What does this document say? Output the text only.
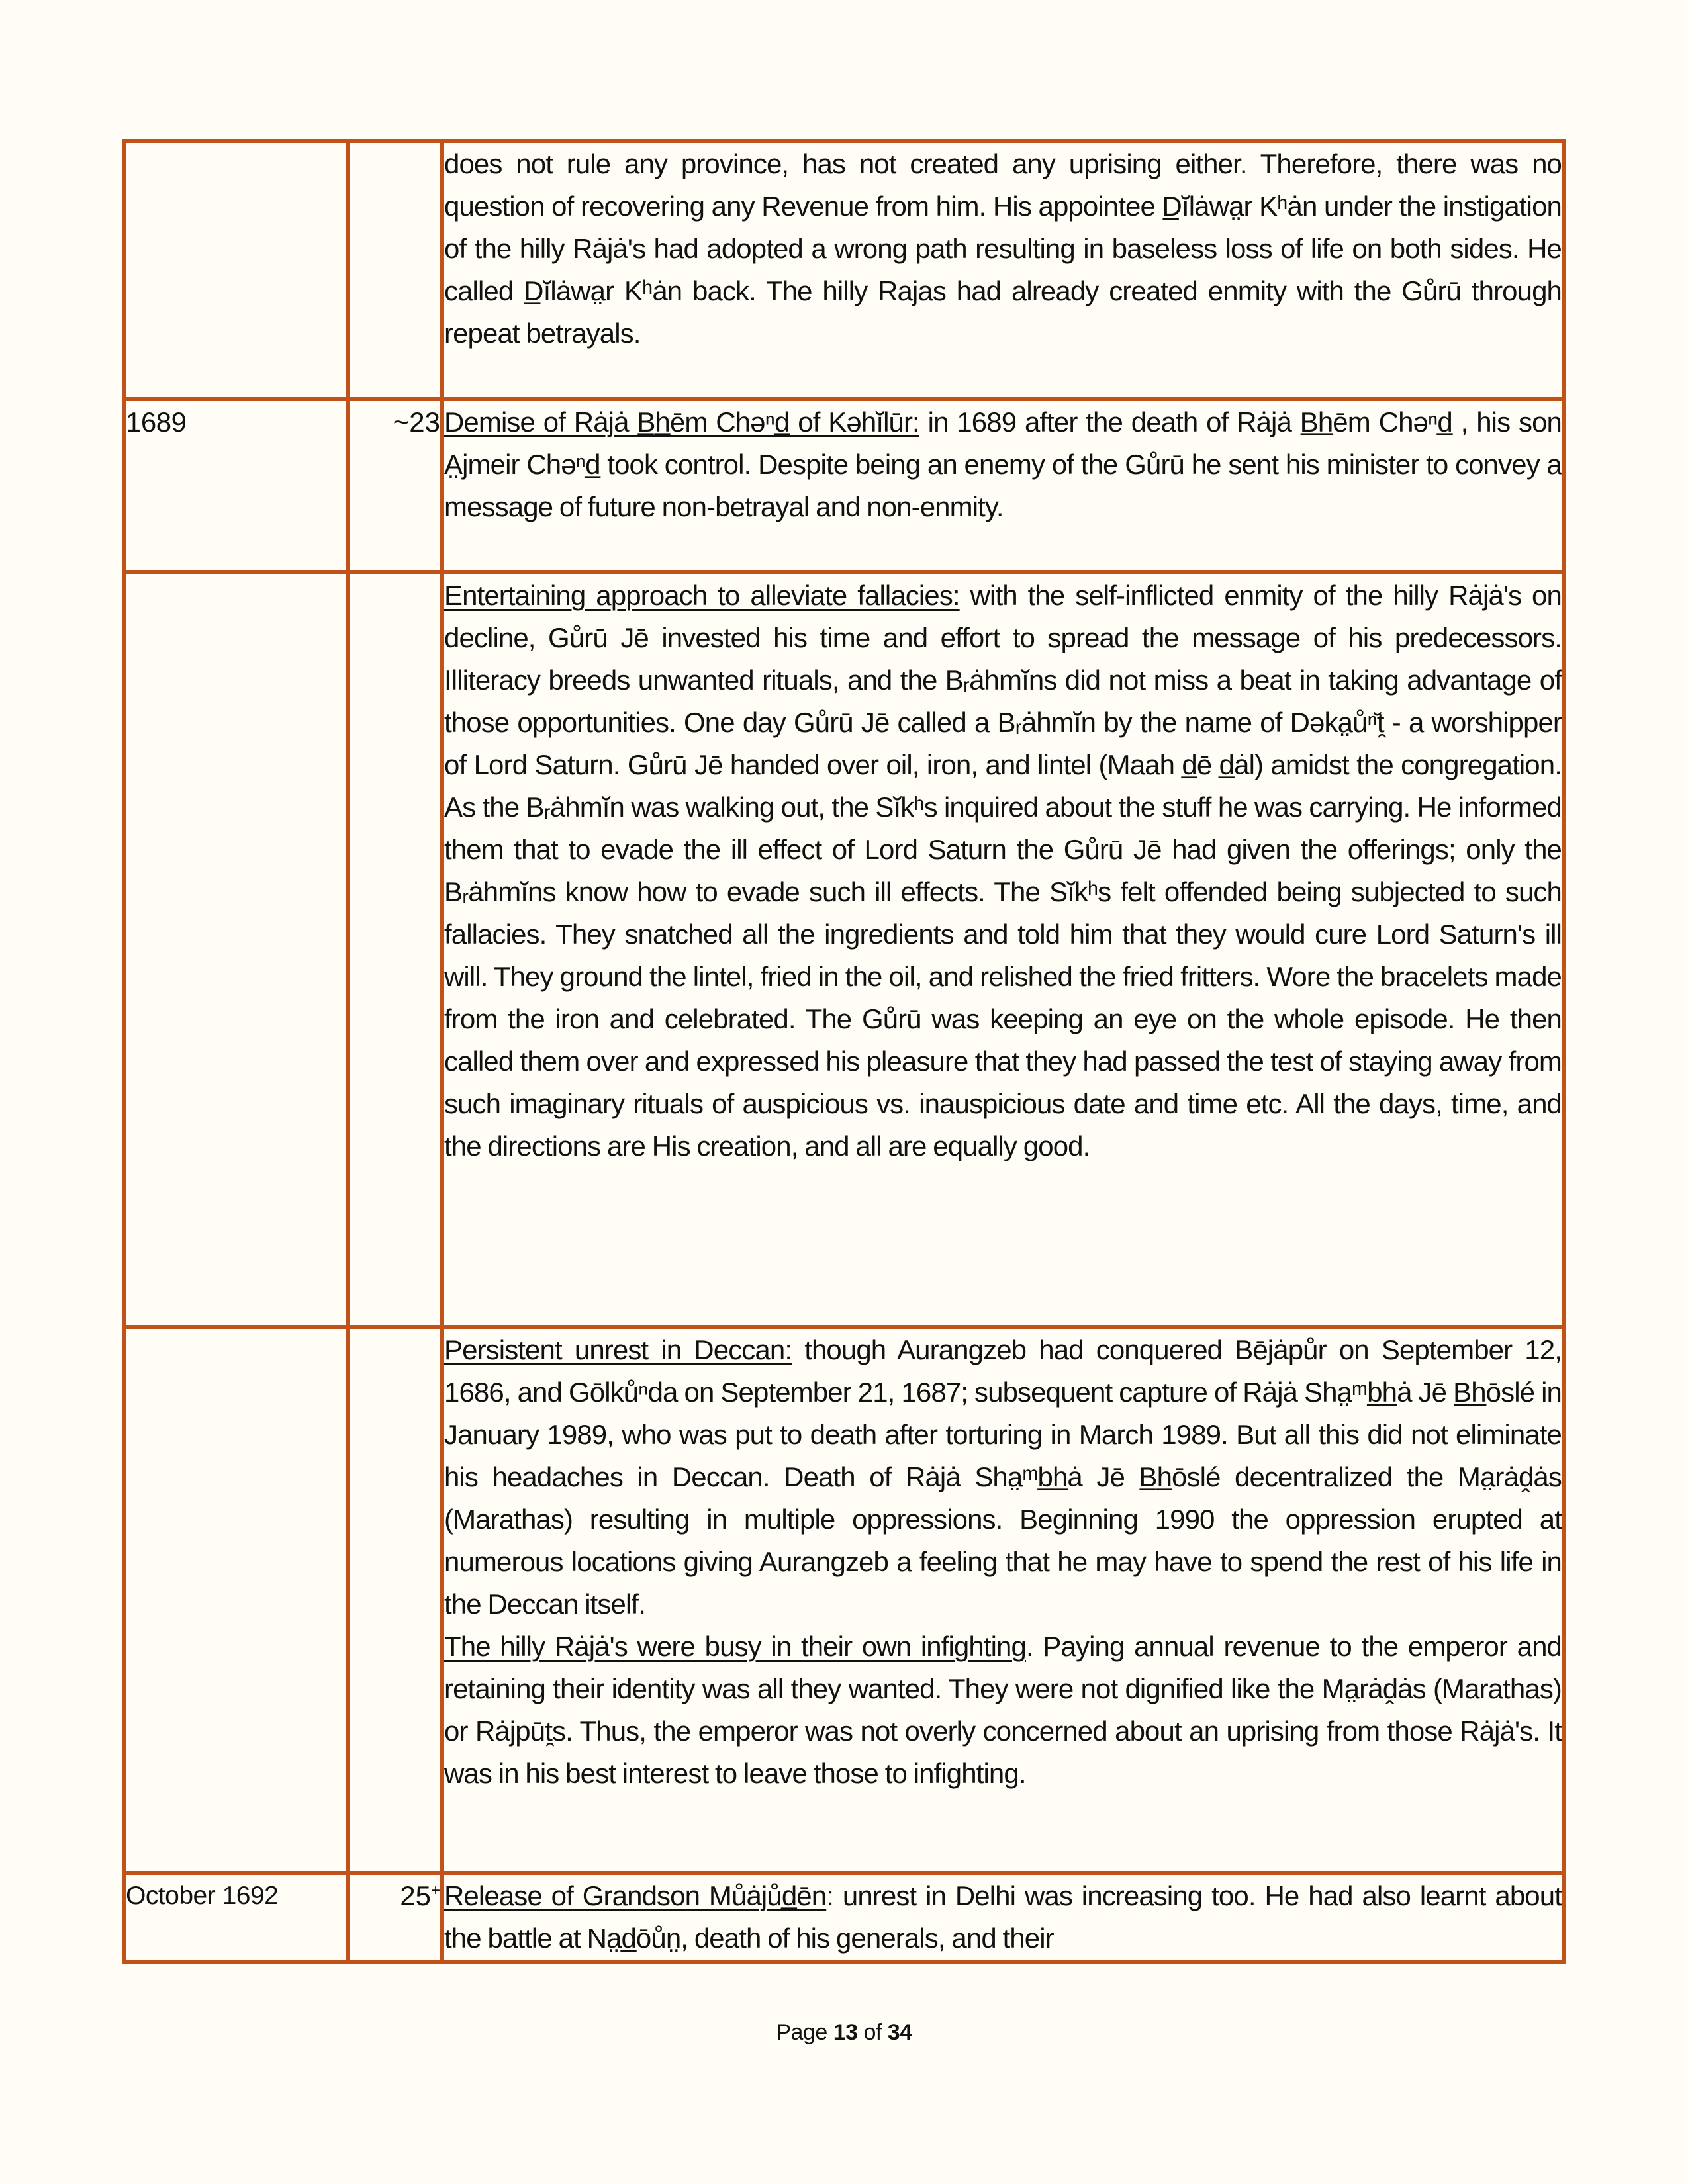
		does not rule any province, has not created any uprising either. Therefore, there was no question of recovering any Revenue from him. His appointee D̲ĭlȧwa̤r Kʰȧn under the instigation of the hilly Rȧjȧ's had adopted a wrong path resulting in baseless loss of life on both sides. He called D̲ĭlȧwa̤r Kʰȧn back. The hilly Rajas had already created enmity with the Gůrū through repeat betrayals.

1689	~23	Demise of Rȧjȧ B̲h̲ēm Chəⁿd̲ of Kəhĭlūr: in 1689 after the death of Rȧjȧ B̲h̲ēm Chəⁿd̲ , his son A̤jmeir Chəⁿd̲ took control. Despite being an enemy of the Gůrū he sent his minister to convey a message of future non-betrayal and non-enmity.

		Entertaining approach to alleviate fallacies: with the self-inflicted enmity of the hilly Rȧjȧ's on decline, Gůrū Jē invested his time and effort to spread the message of his predecessors. Illiteracy breeds unwanted rituals, and the Bᵣȧhmĭns did not miss a beat in taking advantage of those opportunities. One day Gůrū Jē called a Bᵣȧhmĭn by the name of Dəka̤ůⁿ̆t̯ - a worshipper of Lord Saturn. Gůrū Jē handed over oil, iron, and lintel (Maah d̲ē d̲ȧl) amidst the congregation. As the Bᵣȧhmĭn was walking out, the Sĭkʰs inquired about the stuff he was carrying. He informed them that to evade the ill effect of Lord Saturn the Gůrū Jē had given the offerings; only the Bᵣȧhmĭns know how to evade such ill effects. The Sĭkʰs felt offended being subjected to such fallacies. They snatched all the ingredients and told him that they would cure Lord Saturn's ill will. They ground the lintel, fried in the oil, and relished the fried fritters. Wore the bracelets made from the iron and celebrated. The Gůrū was keeping an eye on the whole episode. He then called them over and expressed his pleasure that they had passed the test of staying away from such imaginary rituals of auspicious vs. inauspicious date and time etc. All the days, time, and the directions are His creation, and all are equally good.

		Persistent unrest in Deccan: though Aurangzeb had conquered Bējȧpůr on September 12, 1686, and Gōlkůⁿda on September 21, 1687; subsequent capture of Rȧjȧ Sha̤ᵐb̲h̲ȧ Jē B̲h̲ōslé in January 1989, who was put to death after torturing in March 1989. But all this did not eliminate his headaches in Deccan. Death of Rȧjȧ Sha̤ᵐb̲h̲ȧ Jē B̲h̲ōslé decentralized the Ma̤rȧḓȧs (Marathas) resulting in multiple oppressions. Beginning 1990 the oppression erupted at numerous locations giving Aurangzeb a feeling that he may have to spend the rest of his life in the Deccan itself.

The hilly Rȧjȧ's were busy in their own infighting. Paying annual revenue to the emperor and retaining their identity was all they wanted. They were not dignified like the Ma̤rȧḓȧs (Marathas) or Rȧjpūt̯s. Thus, the emperor was not overly concerned about an uprising from those Rȧjȧ's. It was in his best interest to leave those to infighting.

October 1692	25+	Release of Grandson Můȧjůd̲ēn: unrest in Delhi was increasing too. He had also learnt about the battle at Na̤d̲ōůn̤, death of his generals, and their

Page 13 of 34
